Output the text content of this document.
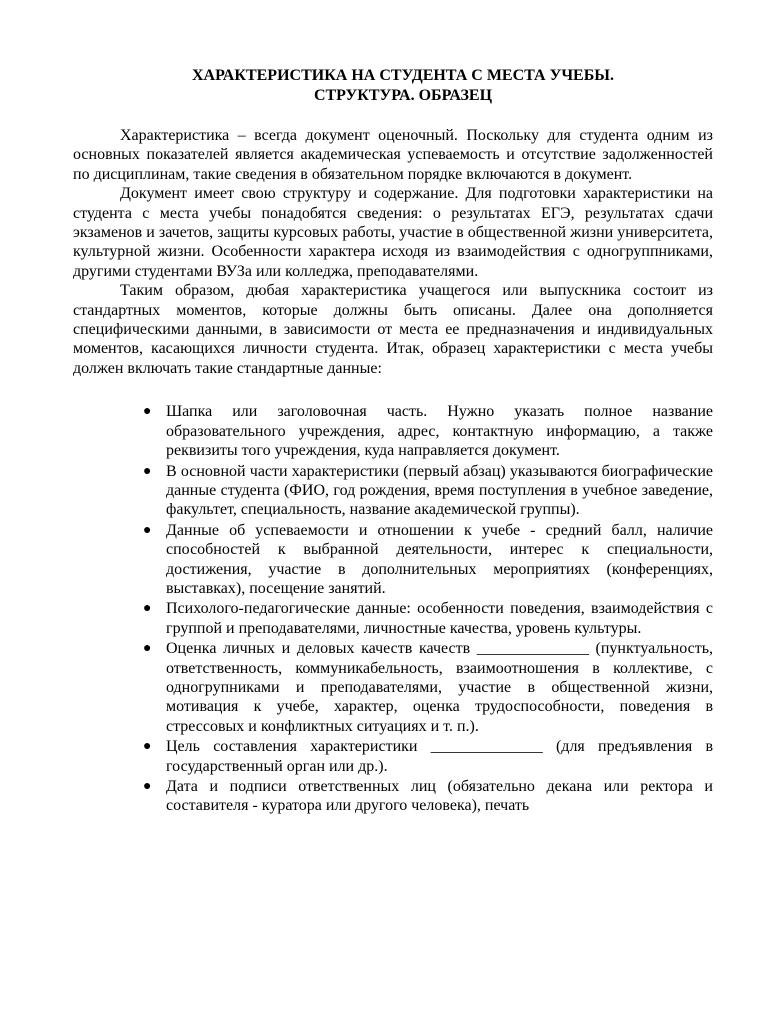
ХАРАКТЕРИСТИКА НА СТУДЕНТА С МЕСТА УЧЕБЫ.
СТРУКТУРА. ОБРАЗЕЦ

Характеристика – всегда документ оценочный. Поскольку для студента одним из основных показателей является академическая успеваемость и отсутствие задолженностей по дисциплинам, такие сведения в обязательном порядке включаются в документ.

Документ имеет свою структуру и содержание. Для подготовки характеристики на студента с места учебы понадобятся сведения: о результатах ЕГЭ, результатах сдачи экзаменов и зачетов, защиты курсовых работы, участие в общественной жизни университета, культурной жизни. Особенности характера исходя из взаимодействия с одногруппниками, другими студентами ВУЗа или колледжа, преподавателями.

Таким образом, дюбая характеристика учащегося или выпускника состоит из стандартных моментов, которые должны быть описаны. Далее она дополняется специфическими данными, в зависимости от места ее предназначения и индивидуальных моментов, касающихся личности студента. Итак, образец характеристики с места учебы должен включать такие стандартные данные:

● Шапка или заголовочная часть. Нужно указать полное название образовательного учреждения, адрес, контактную информацию, а также реквизиты того учреждения, куда направляется документ.
● В основной части характеристики (первый абзац) указываются биографические данные студента (ФИО, год рождения, время поступления в учебное заведение, факультет, специальность, название академической группы).
● Данные об успеваемости и отношении к учебе - средний балл, наличие способностей к выбранной деятельности, интерес к специальности, достижения, участие в дополнительных мероприятиях (конференциях, выставках), посещение занятий.
● Психолого-педагогические данные: особенности поведения, взаимодействия с группой и преподавателями, личностные качества, уровень культуры.
● Оценка личных и деловых качеств качеств ______________ (пунктуальность, ответственность, коммуникабельность, взаимоотношения в коллективе, с одногрупниками и преподавателями, участие в общественной жизни, мотивация к учебе, характер, оценка трудоспособности, поведения в стрессовых и конфликтных ситуациях и т. п.).
● Цель составления характеристики ______________ (для предъявления в государственный орган или др.).
● Дата и подписи ответственных лиц (обязательно декана или ректора и составителя - куратора или другого человека), печать
